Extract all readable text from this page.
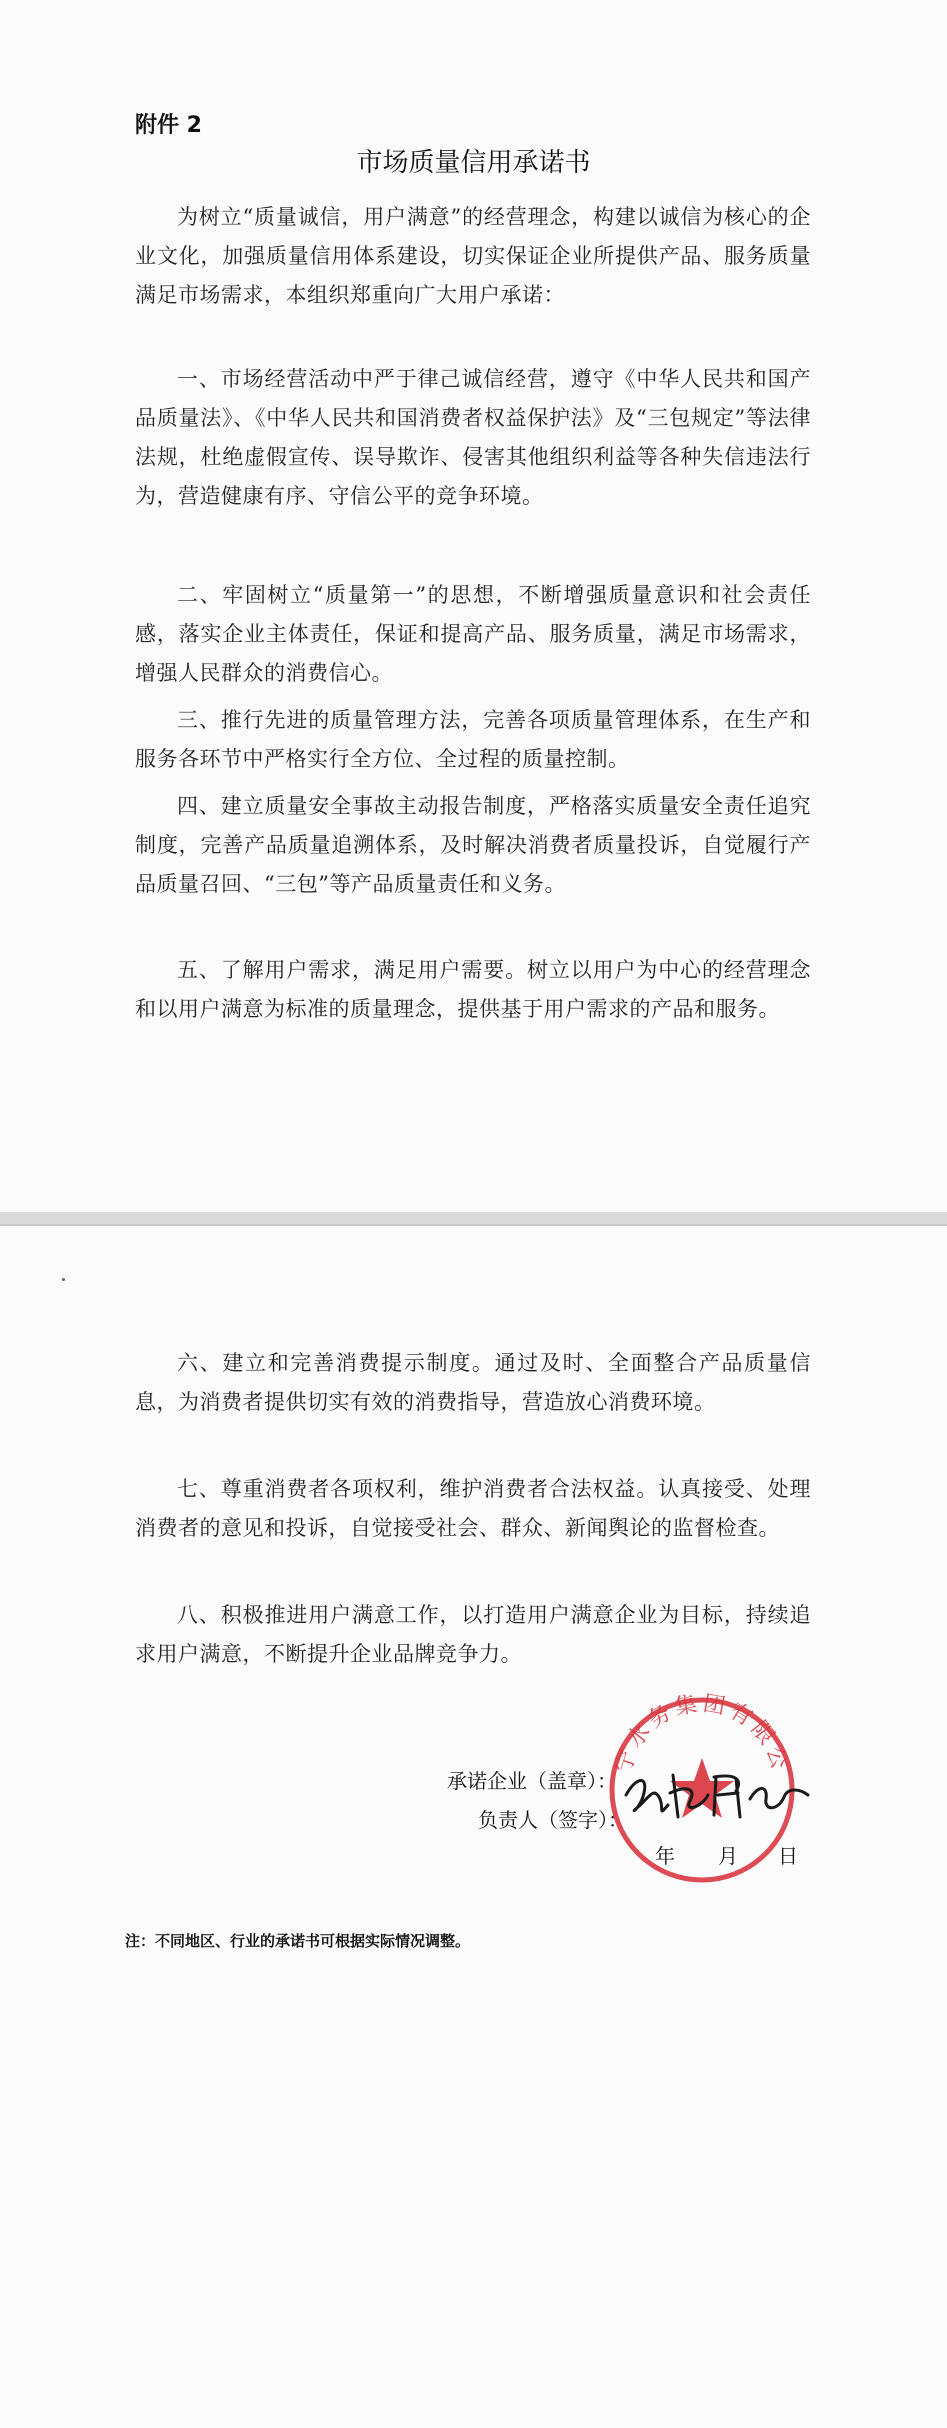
附件 2
市场质量信用承诺书

为树立“质量诚信，用户满意”的经营理念，构建以诚信为核心的企业文化，加强质量信用体系建设，切实保证企业所提供产品、服务质量满足市场需求，本组织郑重向广大用户承诺：

一、市场经营活动中严于律己诚信经营，遵守《中华人民共和国产品质量法》、《中华人民共和国消费者权益保护法》及“三包规定”等法律法规，杜绝虚假宣传、误导欺诈、侵害其他组织利益等各种失信违法行为，营造健康有序、守信公平的竞争环境。

二、牢固树立“质量第一”的思想，不断增强质量意识和社会责任感，落实企业主体责任，保证和提高产品、服务质量，满足市场需求，增强人民群众的消费信心。

三、推行先进的质量管理方法，完善各项质量管理体系，在生产和服务各环节中严格实行全方位、全过程的质量控制。

四、建立质量安全事故主动报告制度，严格落实质量安全责任追究制度，完善产品质量追溯体系，及时解决消费者质量投诉，自觉履行产品质量召回、“三包”等产品质量责任和义务。

五、了解用户需求，满足用户需要。树立以用户为中心的经营理念和以用户满意为标准的质量理念，提供基于用户需求的产品和服务。

六、建立和完善消费提示制度。通过及时、全面整合产品质量信息，为消费者提供切实有效的消费指导，营造放心消费环境。

七、尊重消费者各项权利，维护消费者合法权益。认真接受、处理消费者的意见和投诉，自觉接受社会、群众、新闻舆论的监督检查。

八、积极推进用户满意工作，以打造用户满意企业为目标，持续追求用户满意，不断提升企业品牌竞争力。

承诺企业（盖章）：
负责人（签字）：
年 月 日
宁水务集团有限公
注：不同地区、行业的承诺书可根据实际情况调整。
